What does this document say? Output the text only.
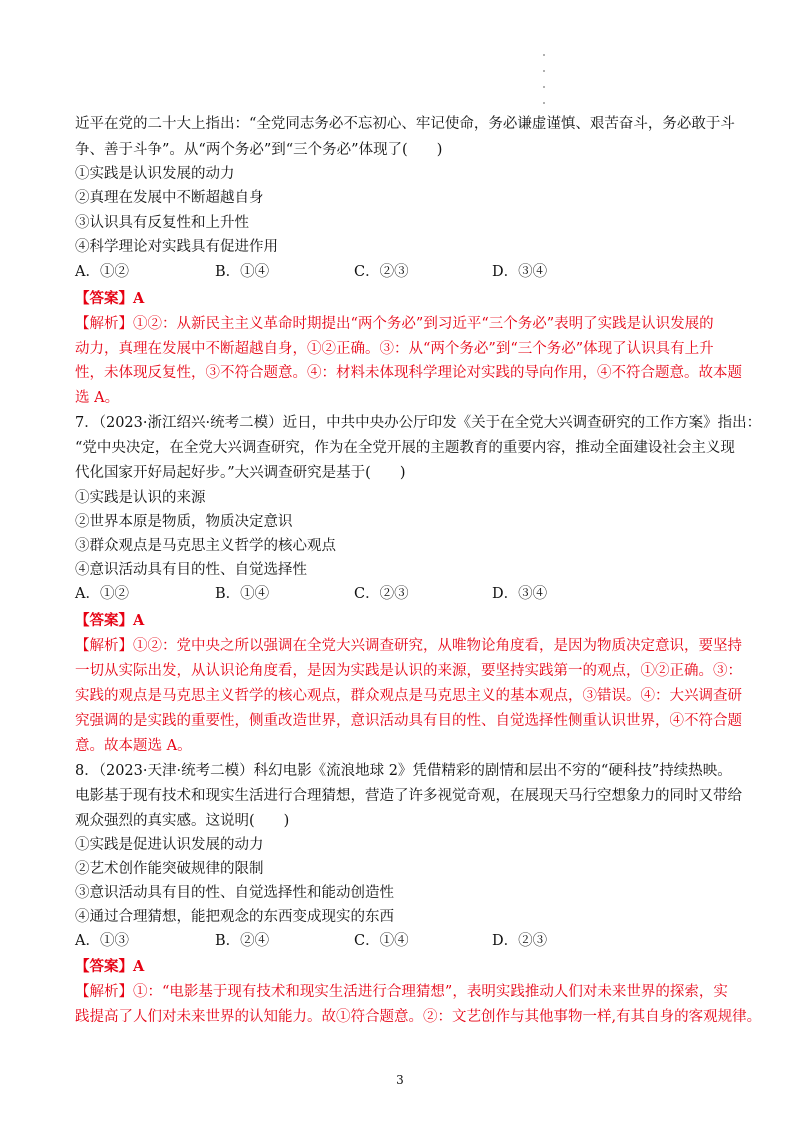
近平在党的二十大上指出：“全党同志务必不忘初心、牢记使命，务必谦虚谨慎、艰苦奋斗，务必敢于斗
争、善于斗争”。从“两个务必”到“三个务必”体现了(　　)
①实践是认识发展的动力
②真理在发展中不断超越自身
③认识具有反复性和上升性
④科学理论对实践具有促进作用
A．①②	B．①④	C．②③	D．③④
【答案】A
【解析】①②：从新民主主义革命时期提出“两个务必”到习近平“三个务必”表明了实践是认识发展的
动力，真理在发展中不断超越自身，①②正确。③：从“两个务必”到“三个务必”体现了认识具有上升
性，未体现反复性，③不符合题意。④：材料未体现科学理论对实践的导向作用，④不符合题意。故本题
选 A。
7．（2023·浙江绍兴·统考二模）近日，中共中央办公厅印发《关于在全党大兴调查研究的工作方案》指出：
“党中央决定，在全党大兴调查研究，作为在全党开展的主题教育的重要内容，推动全面建设社会主义现
代化国家开好局起好步。”大兴调查研究是基于(　　)
①实践是认识的来源
②世界本原是物质，物质决定意识
③群众观点是马克思主义哲学的核心观点
④意识活动具有目的性、自觉选择性
A．①②	B．①④	C．②③	D．③④
【答案】A
【解析】①②：党中央之所以强调在全党大兴调查研究，从唯物论角度看，是因为物质决定意识，要坚持
一切从实际出发，从认识论角度看，是因为实践是认识的来源，要坚持实践第一的观点，①②正确。③：
实践的观点是马克思主义哲学的核心观点，群众观点是马克思主义的基本观点，③错误。④：大兴调查研
究强调的是实践的重要性，侧重改造世界，意识活动具有目的性、自觉选择性侧重认识世界，④不符合题
意。故本题选 A。
8．（2023·天津·统考二模）科幻电影《流浪地球 2》凭借精彩的剧情和层出不穷的“硬科技”持续热映。
电影基于现有技术和现实生活进行合理猜想，营造了许多视觉奇观，在展现天马行空想象力的同时又带给
观众强烈的真实感。这说明(　　)
①实践是促进认识发展的动力
②艺术创作能突破规律的限制
③意识活动具有目的性、自觉选择性和能动创造性
④通过合理猜想，能把观念的东西变成现实的东西
A．①③	B．②④	C．①④	D．②③
【答案】A
【解析】①：“电影基于现有技术和现实生活进行合理猜想”，表明实践推动人们对未来世界的探索，实
践提高了人们对未来世界的认知能力。故①符合题意。②：文艺创作与其他事物一样,有其自身的客观规律。
3
